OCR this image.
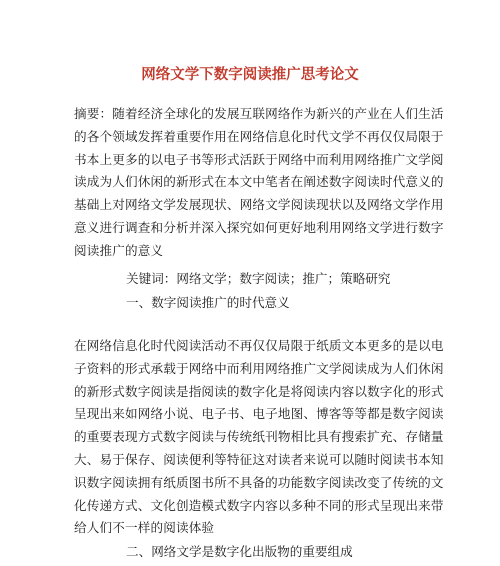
网络文学下数字阅读推广思考论文
摘要：随着经济全球化的发展互联网络作为新兴的产业在人们生活
的各个领域发挥着重要作用在网络信息化时代文学不再仅仅局限于
书本上更多的以电子书等形式活跃于网络中而利用网络推广文学阅
读成为人们休闲的新形式在本文中笔者在阐述数字阅读时代意义的
基础上对网络文学发展现状、网络文学阅读现状以及网络文学作用
意义进行调查和分析并深入探究如何更好地利用网络文学进行数字
阅读推广的意义
关键词：网络文学；数字阅读；推广；策略研究
一、数字阅读推广的时代意义
在网络信息化时代阅读活动不再仅仅局限于纸质文本更多的是以电
子资料的形式承载于网络中而利用网络推广文学阅读成为人们休闲
的新形式数字阅读是指阅读的数字化是将阅读内容以数字化的形式
呈现出来如网络小说、电子书、电子地图、博客等等都是数字阅读
的重要表现方式数字阅读与传统纸刊物相比具有搜索扩充、存储量
大、易于保存、阅读便利等特征这对读者来说可以随时阅读书本知
识数字阅读拥有纸质图书所不具备的功能数字阅读改变了传统的文
化传递方式、文化创造模式数字内容以多种不同的形式呈现出来带
给人们不一样的阅读体验
二、网络文学是数字化出版物的重要组成
